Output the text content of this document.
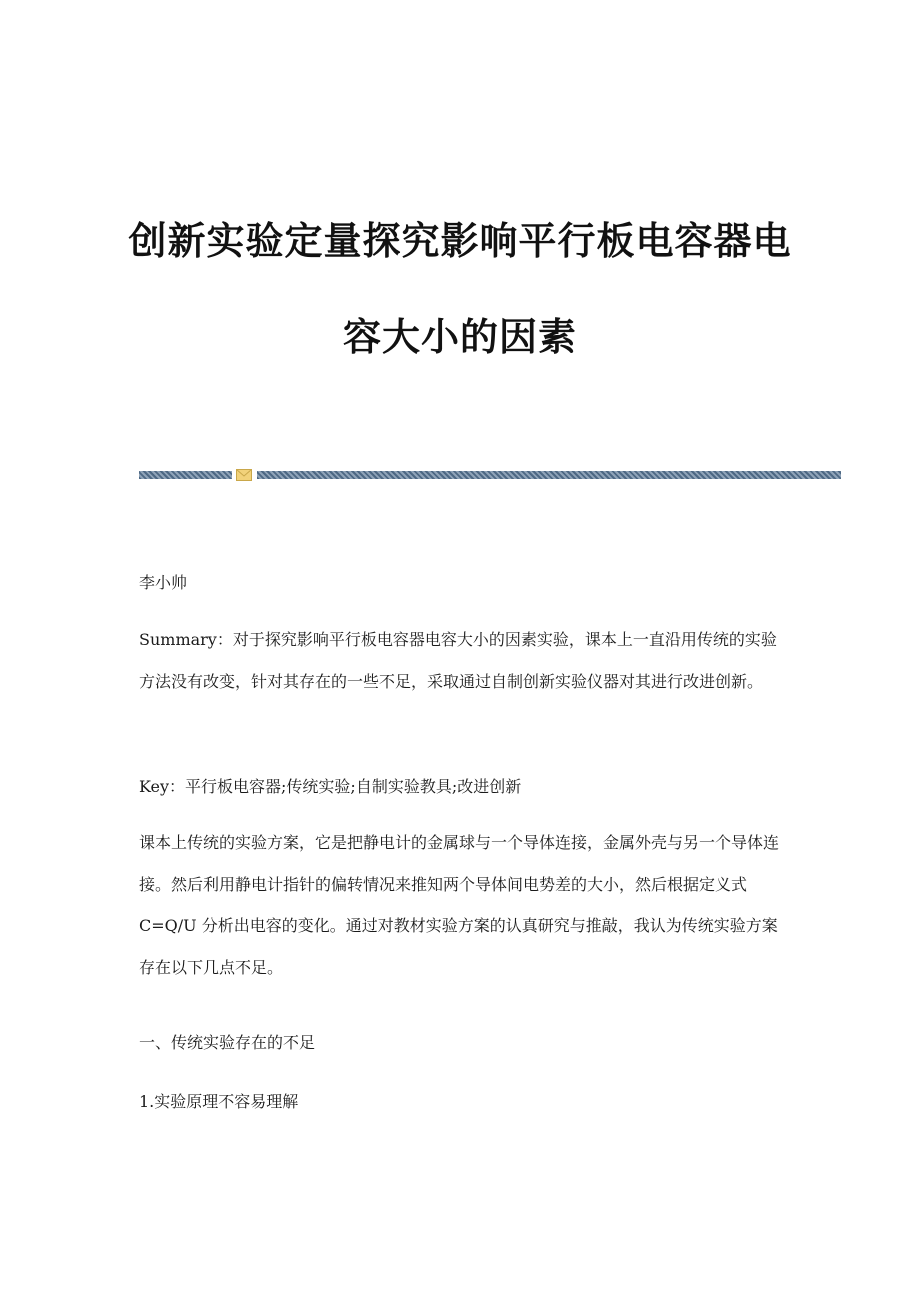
创新实验定量探究影响平行板电容器电
容大小的因素

李小帅

Summary：对于探究影响平行板电容器电容大小的因素实验，课本上一直沿用传统的实验方法没有改变，针对其存在的一些不足，采取通过自制创新实验仪器对其进行改进创新。

Key：平行板电容器;传统实验;自制实验教具;改进创新

课本上传统的实验方案，它是把静电计的金属球与一个导体连接，金属外壳与另一个导体连接。然后利用静电计指针的偏转情况来推知两个导体间电势差的大小，然后根据定义式 C=Q/U 分析出电容的变化。通过对教材实验方案的认真研究与推敲，我认为传统实验方案存在以下几点不足。

一、传统实验存在的不足

1.实验原理不容易理解
